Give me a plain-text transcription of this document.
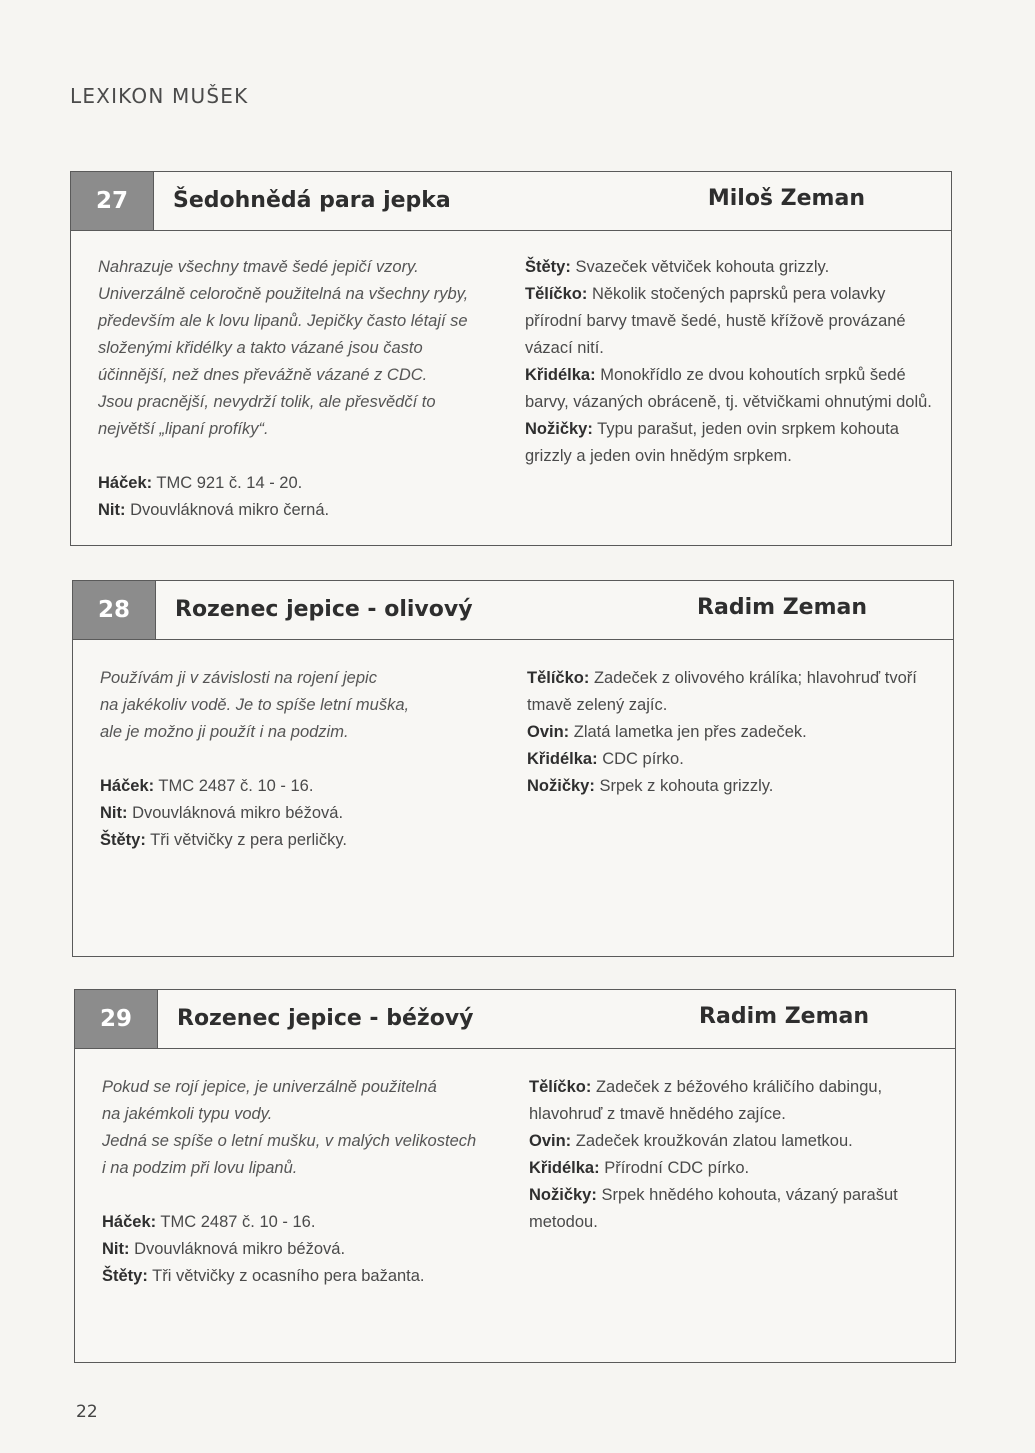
LEXIKON MUŠEK
27	Šedohnědá para jepka	Miloš Zeman

Nahrazuje všechny tmavě šedé jepičí vzory.

Univerzálně celoročně použitelná na všechny ryby,

především ale k lovu lipanů. Jepičky často létají se

složenými křidélky a takto vázané jsou často

účinnější, než dnes převážně vázané z CDC.

Jsou pracnější, nevydrží tolik, ale přesvědčí to

největší „lipaní profíky“.

Háček: TMC 921 č. 14 - 20.

Nit: Dvouvláknová mikro černá.

Štěty: Svazeček větviček kohouta grizzly.

Tělíčko: Několik stočených paprsků pera volavky přírodní barvy tmavě šedé, hustě křížově provázané vázací nití.

Křidélka: Monokřídlo ze dvou kohoutích srpků šedé barvy, vázaných obráceně, tj. větvičkami ohnutými dolů.

Nožičky: Typu parašut, jeden ovin srpkem kohouta grizzly a jeden ovin hnědým srpkem.

28	Rozenec jepice - olivový	Radim Zeman

Používám ji v závislosti na rojení jepic

na jakékoliv vodě. Je to spíše letní muška,

ale je možno ji použít i na podzim.

Háček: TMC 2487 č. 10 - 16.

Nit: Dvouvláknová mikro béžová.

Štěty: Tři větvičky z pera perličky.

Tělíčko: Zadeček z olivového králíka; hlavohruď tvoří tmavě zelený zajíc.

Ovin: Zlatá lametka jen přes zadeček.

Křidélka: CDC pírko.

Nožičky: Srpek z kohouta grizzly.

29	Rozenec jepice - béžový	Radim Zeman

Pokud se rojí jepice, je univerzálně použitelná

na jakémkoli typu vody.

Jedná se spíše o letní mušku, v malých velikostech

i na podzim při lovu lipanů.

Háček: TMC 2487 č. 10 - 16.

Nit: Dvouvláknová mikro béžová.

Štěty: Tři větvičky z ocasního pera bažanta.

Tělíčko: Zadeček z béžového králičího dabingu, hlavohruď z tmavě hnědého zajíce.

Ovin: Zadeček kroužkován zlatou lametkou.

Křidélka: Přírodní CDC pírko.

Nožičky: Srpek hnědého kohouta, vázaný parašut metodou.

22
